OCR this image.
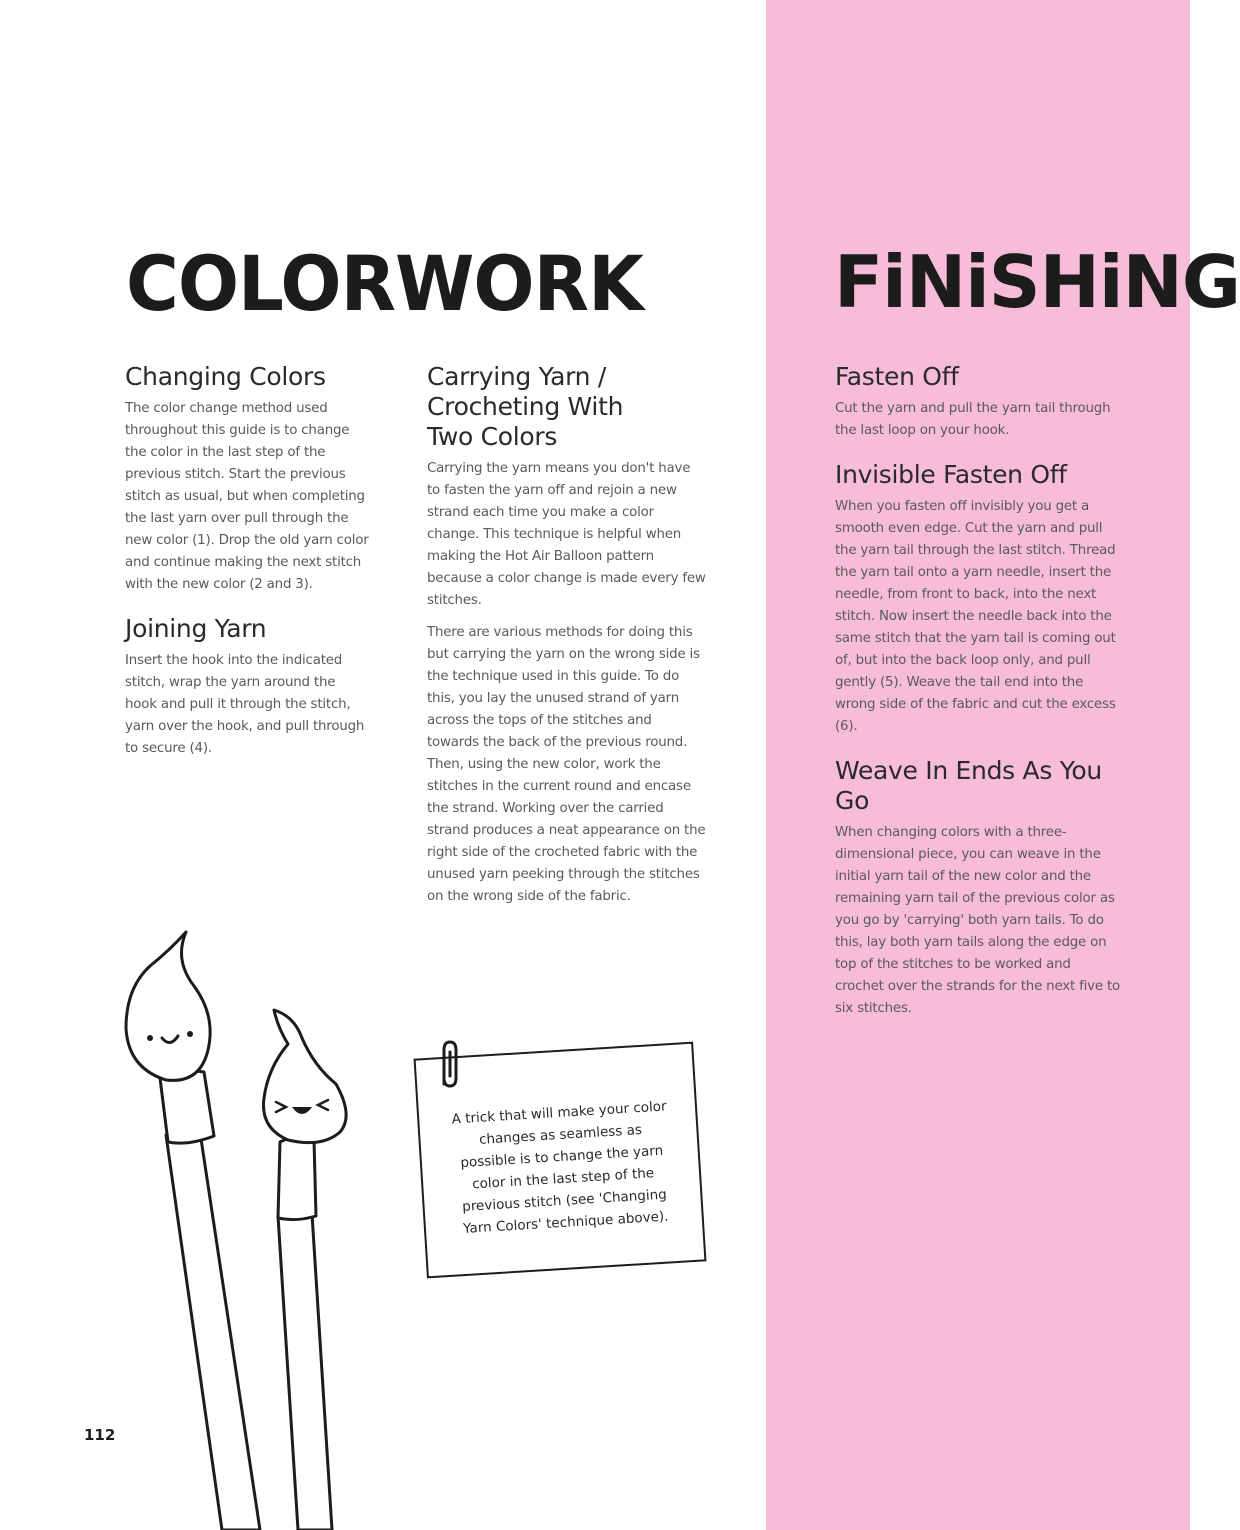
COLORWORK	FiNiSHiNG
Changing Colors

The color change method used throughout this guide is to change the color in the last step of the previous stitch. Start the previous stitch as usual, but when completing the last yarn over pull through the new color (1). Drop the old yarn color and continue making the next stitch with the new color (2 and 3).

Joining Yarn

Insert the hook into the indicated stitch, wrap the yarn around the hook and pull it through the stitch, yarn over the hook, and pull through to secure (4).

Carrying Yarn / Crocheting With Two Colors

Carrying the yarn means you don't have to fasten the yarn off and rejoin a new strand each time you make a color change. This technique is helpful when making the Hot Air Balloon pattern because a color change is made every few stitches.

There are various methods for doing this but carrying the yarn on the wrong side is the technique used in this guide. To do this, you lay the unused strand of yarn across the tops of the stitches and towards the back of the previous round. Then, using the new color, work the stitches in the current round and encase the strand. Working over the carried strand produces a neat appearance on the right side of the crocheted fabric with the unused yarn peeking through the stitches on the wrong side of the fabric.

Fasten Off

Cut the yarn and pull the yarn tail through the last loop on your hook.

Invisible Fasten Off

When you fasten off invisibly you get a smooth even edge. Cut the yarn and pull the yarn tail through the last stitch. Thread the yarn tail onto a yarn needle, insert the needle, from front to back, into the next stitch. Now insert the needle back into the same stitch that the yarn tail is coming out of, but into the back loop only, and pull gently (5). Weave the tail end into the wrong side of the fabric and cut the excess (6).

Weave In Ends As You Go

When changing colors with a three-dimensional piece, you can weave in the initial yarn tail of the new color and the remaining yarn tail of the previous color as you go by 'carrying' both yarn tails. To do this, lay both yarn tails along the edge on top of the stitches to be worked and crochet over the strands for the next five to six stitches.

A trick that will make your color changes as seamless as possible is to change the yarn color in the last step of the previous stitch (see 'Changing Yarn Colors' technique above).

112
